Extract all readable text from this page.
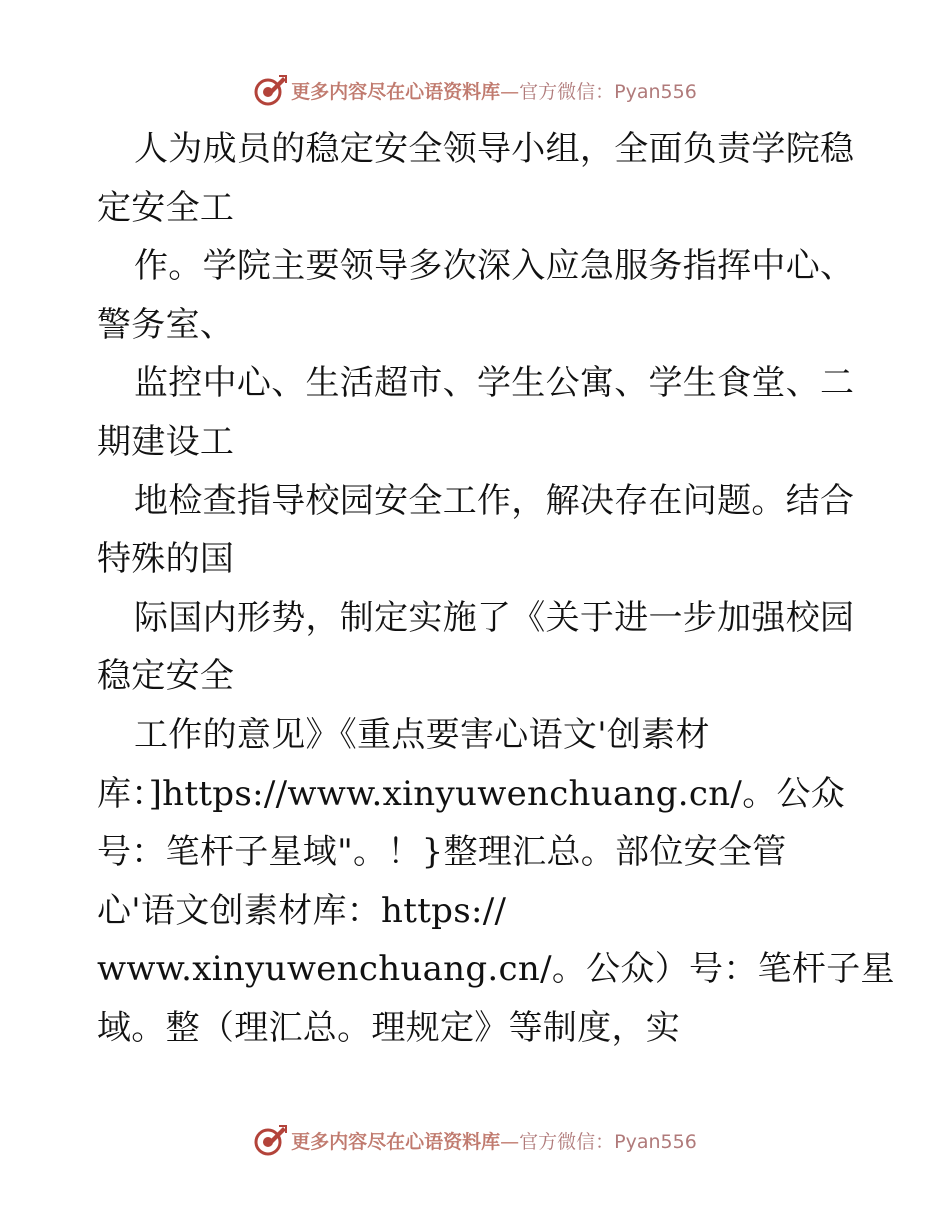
更多内容尽在心语资料库—官方微信：Pyan556
人为成员的稳定安全领导小组，全面负责学院稳
定安全工
作。学院主要领导多次深入应急服务指挥中心、
警务室、
监控中心、生活超市、学生公寓、学生食堂、二
期建设工
地检查指导校园安全工作，解决存在问题。结合
特殊的国
际国内形势，制定实施了《关于进一步加强校园
稳定安全
工作的意见》《重点要害心语文'创素材
库：]https://www.xinyuwenchuang.cn/。公众
号：笔杆子星域"。！}整理汇总。部位安全管
心'语文创素材库：https://
www.xinyuwenchuang.cn/。公众）号：笔杆子星
域。整（理汇总。理规定》等制度，实
更多内容尽在心语资料库—官方微信：Pyan556
